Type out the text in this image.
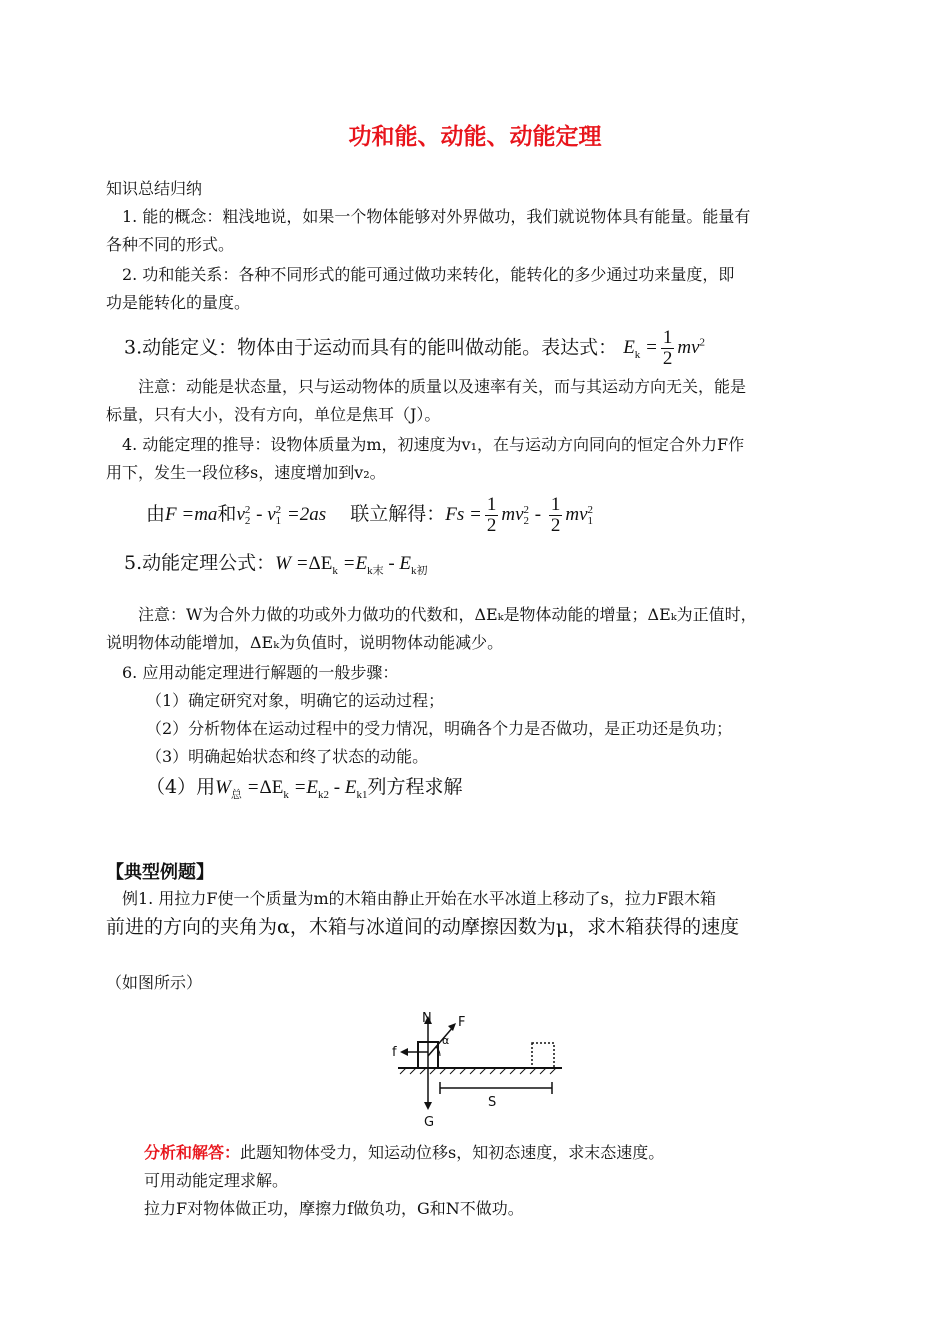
功和能、动能、动能定理
知识总结归纳
1. 能的概念：粗浅地说，如果一个物体能够对外界做功，我们就说物体具有能量。能量有
各种不同的形式。
2. 功和能关系：各种不同形式的能可通过做功来转化，能转化的多少通过功来量度，即
功是能转化的量度。
3.动能定义：物体由于运动而具有的能叫做动能。表达式： $E_k = \frac{1}{2} mv^2$
注意：动能是状态量，只与运动物体的质量以及速率有关，而与其运动方向无关，能是
标量，只有大小，没有方向，单位是焦耳（J）。
4. 动能定理的推导：设物体质量为m，初速度为v₁，在与运动方向同向的恒定合外力F作
用下，发生一段位移s，速度增加到v₂。
由F =ma和v 2
2 - v 2
1 =2as 联立解得：$Fs = \frac{1}{2}$ mv 2
$2 - \frac{1}{2}$ mv 2
1
5.动能定理公式：$W =\Delta E_k =E_{k末} - E_{k初}$
注意：W为合外力做的功或外力做功的代数和，ΔEₖ是物体动能的增量；ΔEₖ为正值时，
说明物体动能增加，ΔEₖ为负值时，说明物体动能减少。
6. 应用动能定理进行解题的一般步骤：
（1）确定研究对象，明确它的运动过程；
（2）分析物体在运动过程中的受力情况，明确各个力是否做功，是正功还是负功；
（3）明确起始状态和终了状态的动能。
（4）用$W_总 =\Delta E_k =E_{k2} - E_{k1}$列方程求解
【典型例题】
例1. 用拉力F使一个质量为m的木箱由静止开始在水平冰道上移动了s，拉力F跟木箱
前进的方向的夹角为α，木箱与冰道间的动摩擦因数为μ，求木箱获得的速度
（如图所示）
N F
f
α
G
S
分析和解答：此题知物体受力，知运动位移s，知初态速度，求末态速度。
可用动能定理求解。
拉力F对物体做正功，摩擦力f做负功，G和N不做功。
